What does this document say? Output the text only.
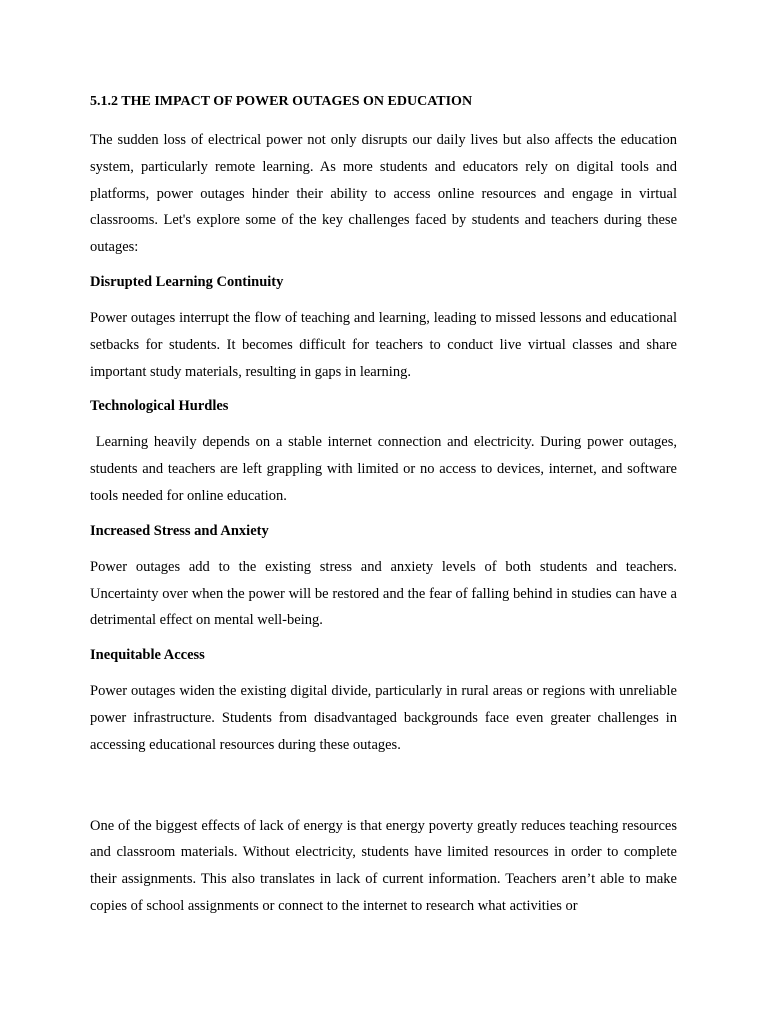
5.1.2 THE IMPACT OF POWER OUTAGES ON EDUCATION
The sudden loss of electrical power not only disrupts our daily lives but also affects the education system, particularly remote learning. As more students and educators rely on digital tools and platforms, power outages hinder their ability to access online resources and engage in virtual classrooms. Let's explore some of the key challenges faced by students and teachers during these outages:
Disrupted Learning Continuity
Power outages interrupt the flow of teaching and learning, leading to missed lessons and educational setbacks for students. It becomes difficult for teachers to conduct live virtual classes and share important study materials, resulting in gaps in learning.
Technological Hurdles
Learning heavily depends on a stable internet connection and electricity. During power outages, students and teachers are left grappling with limited or no access to devices, internet, and software tools needed for online education.
Increased Stress and Anxiety
Power outages add to the existing stress and anxiety levels of both students and teachers. Uncertainty over when the power will be restored and the fear of falling behind in studies can have a detrimental effect on mental well-being.
Inequitable Access
Power outages widen the existing digital divide, particularly in rural areas or regions with unreliable power infrastructure. Students from disadvantaged backgrounds face even greater challenges in accessing educational resources during these outages.
One of the biggest effects of lack of energy is that energy poverty greatly reduces teaching resources and classroom materials. Without electricity, students have limited resources in order to complete their assignments. This also translates in lack of current information. Teachers aren’t able to make copies of school assignments or connect to the internet to research what activities or
